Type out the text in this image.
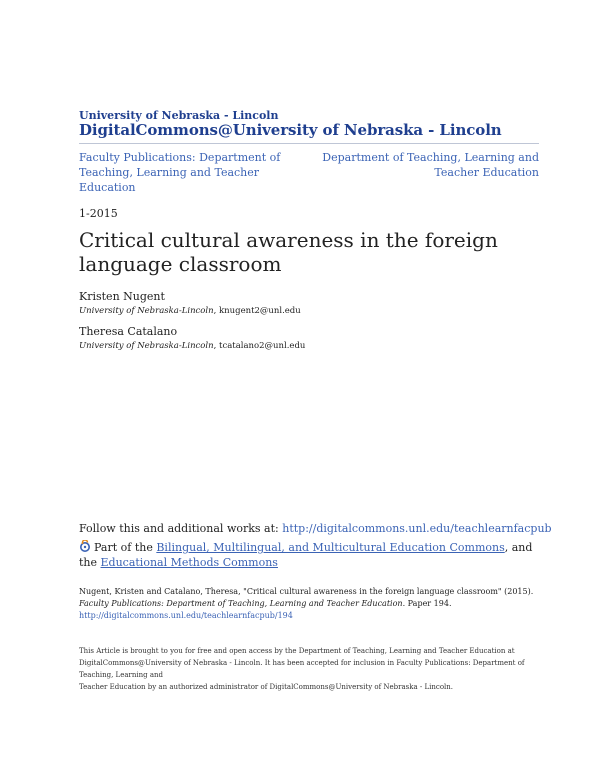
University of Nebraska - Lincoln
DigitalCommons@University of Nebraska - Lincoln
Faculty Publications: Department of Teaching, Learning and Teacher Education
Department of Teaching, Learning and Teacher Education
1-2015
Critical cultural awareness in the foreign language classroom
Kristen Nugent
University of Nebraska-Lincoln, knugent2@unl.edu
Theresa Catalano
University of Nebraska-Lincoln, tcatalano2@unl.edu
Follow this and additional works at: http://digitalcommons.unl.edu/teachlearnfacpub
Part of the Bilingual, Multilingual, and Multicultural Education Commons, and the Educational Methods Commons
Nugent, Kristen and Catalano, Theresa, "Critical cultural awareness in the foreign language classroom" (2015). Faculty Publications: Department of Teaching, Learning and Teacher Education. Paper 194.
http://digitalcommons.unl.edu/teachlearnfacpub/194
This Article is brought to you for free and open access by the Department of Teaching, Learning and Teacher Education at
DigitalCommons@University of Nebraska - Lincoln. It has been accepted for inclusion in Faculty Publications: Department of Teaching, Learning and
Teacher Education by an authorized administrator of DigitalCommons@University of Nebraska - Lincoln.
